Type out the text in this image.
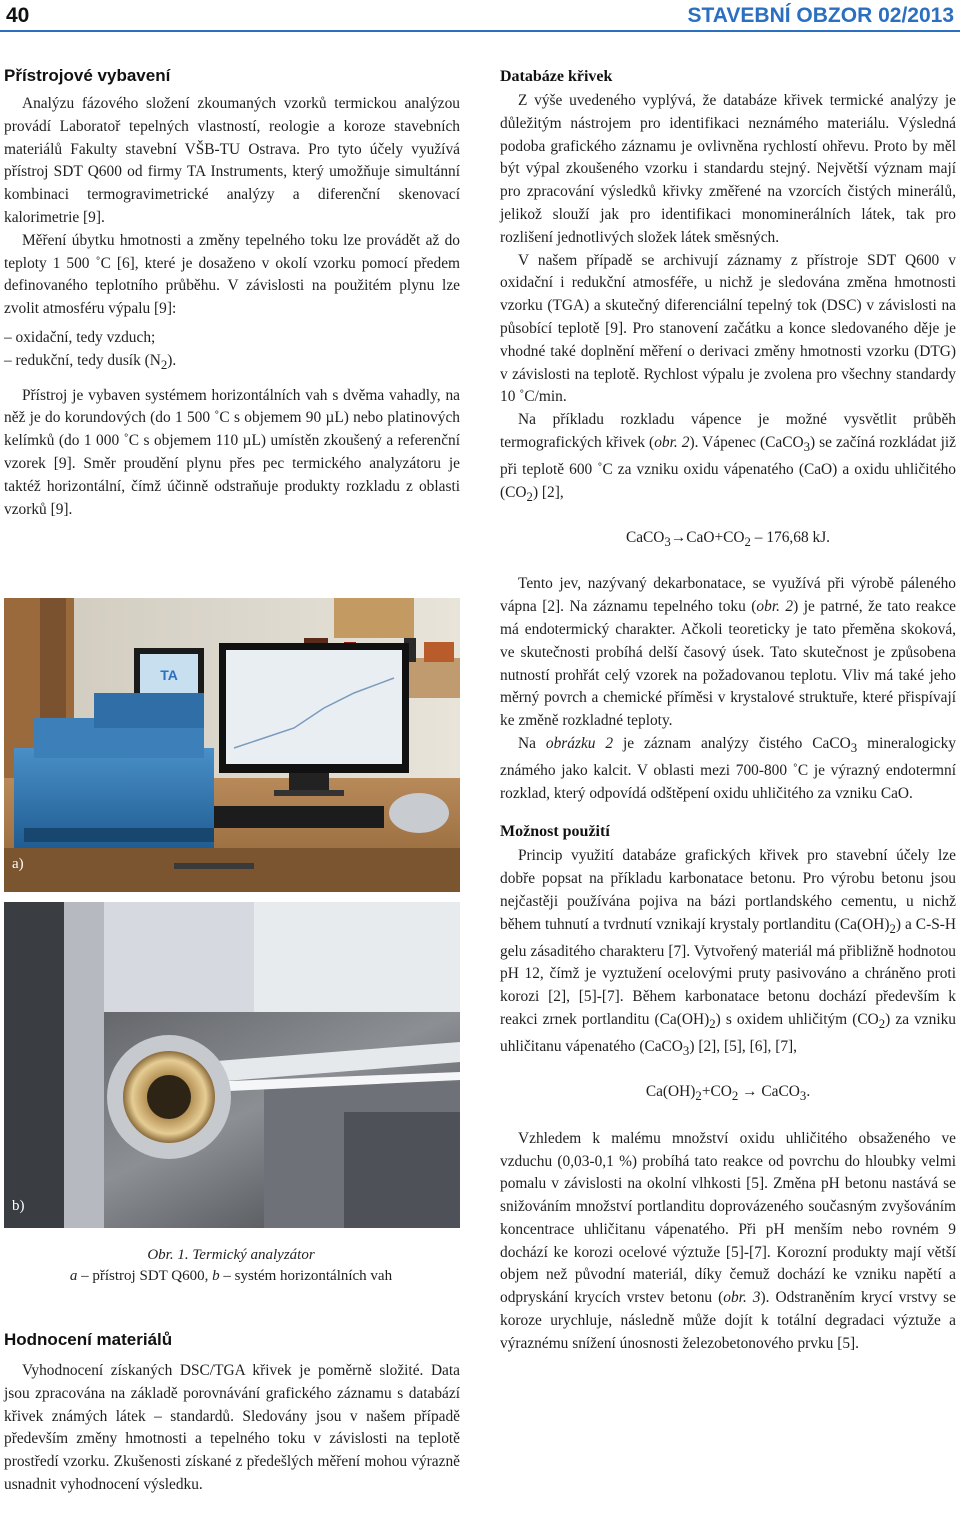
40	STAVEBNÍ OBZOR 02/2013
Přístrojové vybavení

Analýzu fázového složení zkoumaných vzorků termickou analýzou provádí Laboratoř tepelných vlastností, reologie a koroze stavebních materiálů Fakulty stavební VŠB-TU Ostrava. Pro tyto účely využívá přístroj SDT Q600 od firmy TA Instruments, který umožňuje simultánní kombinaci termogravimetrické analýzy a diferenční skenovací kalorimetrie [9].

Měření úbytku hmotnosti a změny tepelného toku lze provádět až do teploty 1 500 ˚C [6], které je dosaženo v okolí vzorku pomocí předem definovaného teplotního průběhu. V závislosti na použitém plynu lze zvolit atmosféru výpalu [9]:

– oxidační, tedy vzduch;

– redukční, tedy dusík $(N_2)$.

Přístroj je vybaven systémem horizontálních vah s dvěma vahadly, na něž je do korundových (do 1 500 ˚C s objemem 90 µL) nebo platinových kelímků (do 1 000 ˚C s objemem 110 µL) umístěn zkoušený a referenční vzorek [9]. Směr proudění plynu přes pec termického analyzátoru je taktéž horizontální, čímž účinně odstraňuje produkty rozkladu z oblasti vzorků [9].

TA
a)
b)
Obr. 1. Termický analyzátor
a – přístroj SDT Q600, b – systém horizontálních vah
Hodnocení materiálů

Vyhodnocení získaných DSC/TGA křivek je poměrně složité. Data jsou zpracována na základě porovnávání grafického záznamu s databází křivek známých látek – standardů. Sledovány jsou v našem případě především změny hmotnosti a tepelného toku v závislosti na teplotě prostředí vzorku. Zkušenosti získané z předešlých měření mohou výrazně usnadnit vyhodnocení výsledku.

Databáze křivek

Z výše uvedeného vyplývá, že databáze křivek termické analýzy je důležitým nástrojem pro identifikaci neznámého materiálu. Výsledná podoba grafického záznamu je ovlivněna rychlostí ohřevu. Proto by měl být výpal zkoušeného vzorku i standardu stejný. Největší význam mají pro zpracování výsledků křivky změřené na vzorcích čistých minerálů, jelikož slouží jak pro identifikaci monominerálních látek, tak pro rozlišení jednotlivých složek látek směsných.

V našem případě se archivují záznamy z přístroje SDT Q600 v oxidační i redukční atmosféře, u nichž je sledována změna hmotnosti vzorku (TGA) a skutečný diferenciální tepelný tok (DSC) v závislosti na působící teplotě [9]. Pro stanovení začátku a konce sledovaného děje je vhodné také doplnění měření o derivaci změny hmotnosti vzorku (DTG) v závislosti na teplotě. Rychlost výpalu je zvolena pro všechny standardy 10 ˚C/min.

Na příkladu rozkladu vápence je možné vysvětlit průběh termografických křivek (obr. 2). Vápenec (CaCO$_3$) se začíná rozkládat již při teplotě 600 ˚C za vzniku oxidu vápenatého (CaO) a oxidu uhličitého $(CO_2)$ [2],

$CaCO_3\to CaO+CO_2 - 176,68$ kJ.

Tento jev, nazývaný dekarbonatace, se využívá při výrobě páleného vápna [2]. Na záznamu tepelného toku (obr. 2) je patrné, že tato reakce má endotermický charakter. Ačkoli teoreticky je tato přeměna skoková, ve skutečnosti probíhá delší časový úsek. Tato skutečnost je způsobena nutností prohřát celý vzorek na požadovanou teplotu. Vliv má také jeho měrný povrch a chemické příměsi v krystalové struktuře, které přispívají ke změně rozkladné teploty.

Na obrázku 2 je záznam analýzy čistého CaCO$_3$ mineralogicky známého jako kalcit. V oblasti mezi 700-800 ˚C je výrazný endotermní rozklad, který odpovídá odštěpení oxidu uhličitého za vzniku CaO.

Možnost použití

Princip využití databáze grafických křivek pro stavební účely lze dobře popsat na příkladu karbonatace betonu. Pro výrobu betonu jsou nejčastěji používána pojiva na bázi portlandského cementu, u nichž během tuhnutí a tvrdnutí vznikají krystaly portlanditu $(Ca(OH)_2)$ a C-S-H gelu zásaditého charakteru [7]. Vytvořený materiál má přibližně hodnotou pH 12, čímž je vyztužení ocelovými pruty pasivováno a chráněno proti korozi [2], [5]-[7]. Během karbonatace betonu dochází především k reakci zrnek portlanditu $(Ca(OH)_2)$ s oxidem uhličitým $(CO_2)$ za vzniku uhličitanu vápenatého (CaCO$_3$) [2], [5], [6], [7],

$Ca(OH)_2+CO_2$ → CaCO$_3$.

Vzhledem k malému množství oxidu uhličitého obsaženého ve vzduchu (0,03-0,1 %) probíhá tato reakce od povrchu do hloubky velmi pomalu v závislosti na okolní vlhkosti [5]. Změna pH betonu nastává se snižováním množství portlanditu doprovázeného současným zvyšováním koncentrace uhličitanu vápenatého. Při pH menším nebo rovném 9 dochází ke korozi ocelové výztuže [5]-[7]. Korozní produkty mají větší objem než původní materiál, díky čemuž dochází ke vzniku napětí a odpryskání krycích vrstev betonu (obr. 3). Odstraněním krycí vrstvy se koroze urychluje, následně může dojít k totální degradaci výztuže a výraznému snížení únosnosti železobetonového prvku [5].
